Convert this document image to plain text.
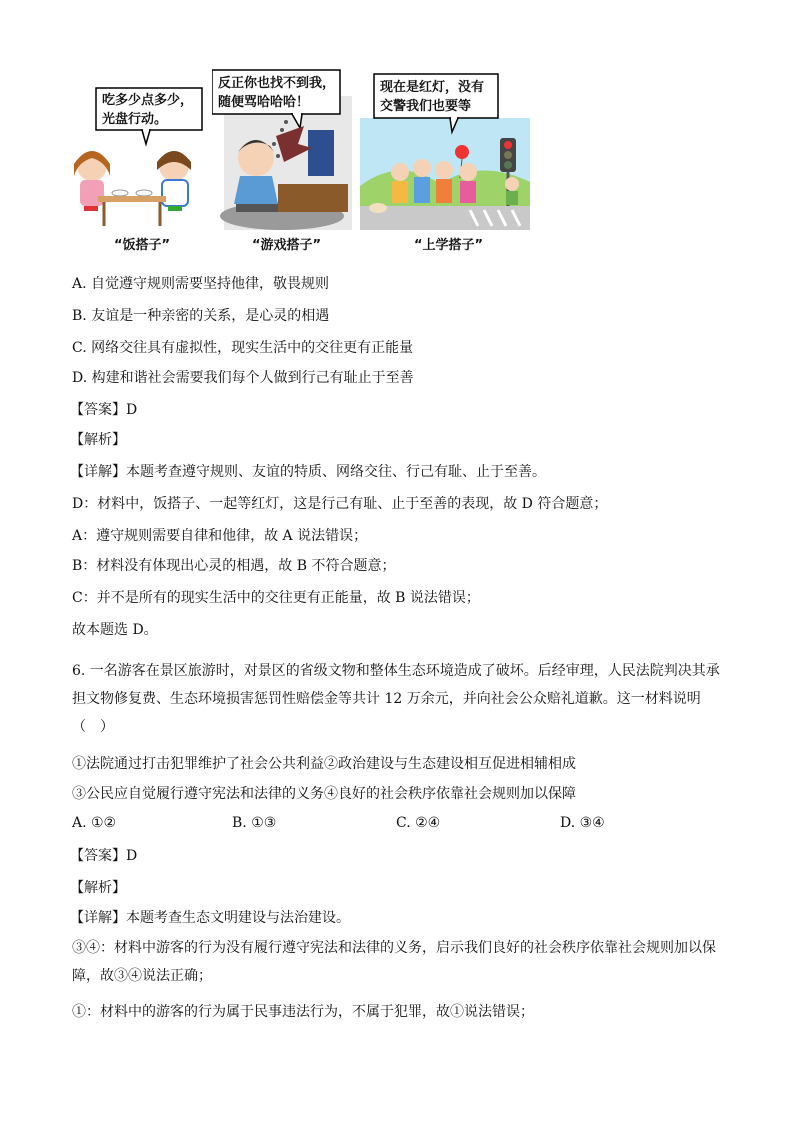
吃多少点多少，
光盘行动。
“饭搭子”
反正你也找不到我，
随便骂哈哈哈！
“游戏搭子”
现在是红灯，没有
交警我们也要等
“上学搭子”
A. 自觉遵守规则需要坚持他律，敬畏规则
B. 友谊是一种亲密的关系，是心灵的相遇
C. 网络交往具有虚拟性，现实生活中的交往更有正能量
D. 构建和谐社会需要我们每个人做到行己有耻止于至善
【答案】D
【解析】
【详解】本题考查遵守规则、友谊的特质、网络交往、行己有耻、止于至善。
D：材料中，饭搭子、一起等红灯，这是行己有耻、止于至善的表现，故 D 符合题意；
A：遵守规则需要自律和他律，故 A 说法错误；
B：材料没有体现出心灵的相遇，故 B 不符合题意；
C：并不是所有的现实生活中的交往更有正能量，故 B 说法错误；
故本题选 D。
6. 一名游客在景区旅游时，对景区的省级文物和整体生态环境造成了破坏。后经审理，人民法院判决其承担文物修复费、生态环境损害惩罚性赔偿金等共计 12 万余元，并向社会公众赔礼道歉。这一材料说明（　）
①法院通过打击犯罪维护了社会公共利益②政治建设与生态建设相互促进相辅相成
③公民应自觉履行遵守宪法和法律的义务④良好的社会秩序依靠社会规则加以保障
A. ①②	B. ①③	C. ②④	D. ③④
【答案】D
【解析】
【详解】本题考查生态文明建设与法治建设。
③④：材料中游客的行为没有履行遵守宪法和法律的义务，启示我们良好的社会秩序依靠社会规则加以保障，故③④说法正确；
①：材料中的游客的行为属于民事违法行为，不属于犯罪，故①说法错误；
